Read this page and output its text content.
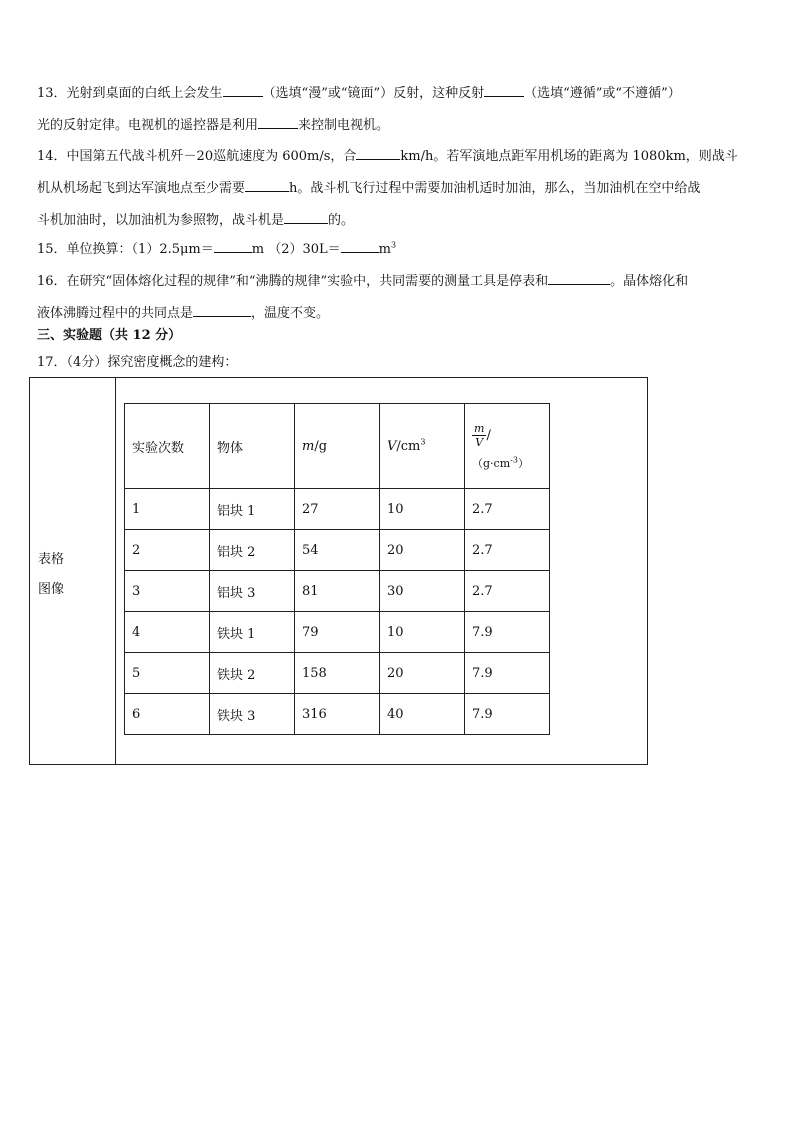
13．光射到桌面的白纸上会发生	（选填“漫”或“镜面”）反射，这种反射	（选填“遵循”或“不遵循”）
光的反射定律。电视机的遥控器是利用	来控制电视机。
14．中国第五代战斗机歼－20巡航速度为 600m/s，合	km/h。若军演地点距军用机场的距离为 1080km，则战斗
机从机场起飞到达军演地点至少需要	h。战斗机飞行过程中需要加油机适时加油，那么，当加油机在空中给战
斗机加油时，以加油机为参照物，战斗机是	的。
15．单位换算：（1）2.5μm＝	m （2）30L＝	$m^3$
16．在研究“固体熔化过程的规律”和“沸腾的规律”实验中，共同需要的测量工具是停表和	。晶体熔化和
液体沸腾过程中的共同点是	，温度不变。
三、实验题（共 12 分）
17．（4分）探究密度概念的建构：
表格
图像
实验次数	物体	m/g	$V/cm^3$	$\frac{m}{V}$ /
$(g\cdot cm^{-3})$

1	铝块 1	27	10	2.7
2	铝块 2	54	20	2.7
3	铝块 3	81	30	2.7
4	铁块 1	79	10	7.9
5	铁块 2	158	20	7.9
6	铁块 3	316	40	7.9
